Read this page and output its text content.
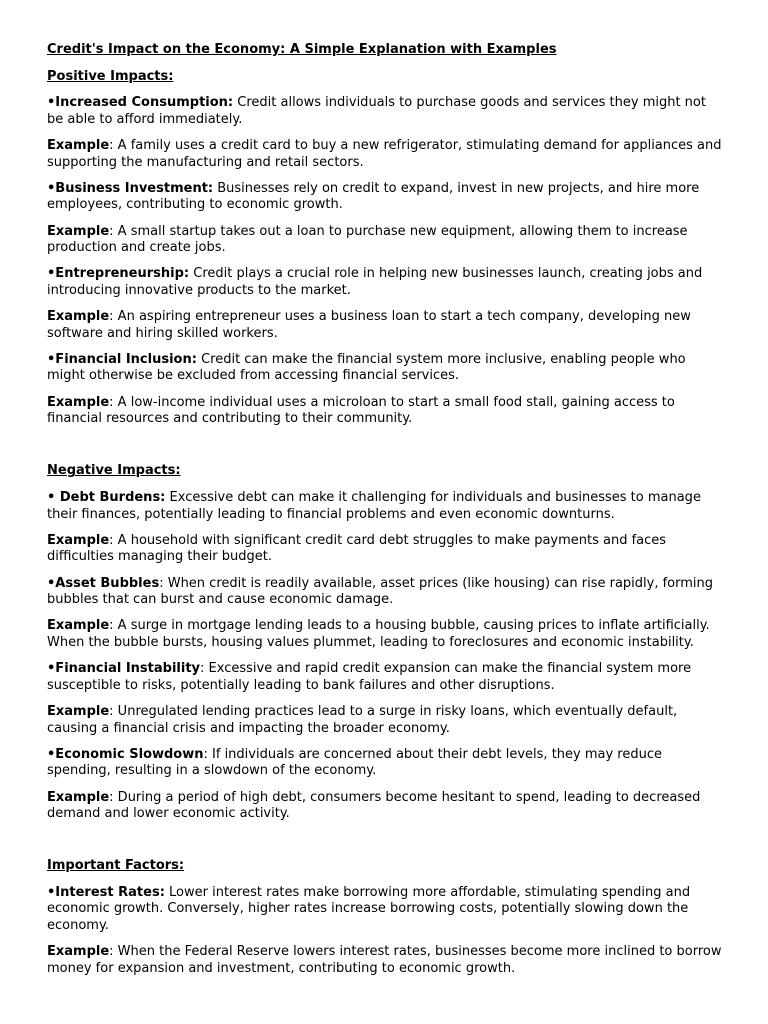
Credit's Impact on the Economy: A Simple Explanation with Examples
Positive Impacts:

•Increased Consumption: Credit allows individuals to purchase goods and services they might not be able to afford immediately.

Example: A family uses a credit card to buy a new refrigerator, stimulating demand for appliances and supporting the manufacturing and retail sectors.

•Business Investment: Businesses rely on credit to expand, invest in new projects, and hire more employees, contributing to economic growth.

Example: A small startup takes out a loan to purchase new equipment, allowing them to increase production and create jobs.

•Entrepreneurship: Credit plays a crucial role in helping new businesses launch, creating jobs and introducing innovative products to the market.

Example: An aspiring entrepreneur uses a business loan to start a tech company, developing new software and hiring skilled workers.

•Financial Inclusion: Credit can make the financial system more inclusive, enabling people who might otherwise be excluded from accessing financial services.

Example: A low-income individual uses a microloan to start a small food stall, gaining access to financial resources and contributing to their community.

Negative Impacts:

• Debt Burdens: Excessive debt can make it challenging for individuals and businesses to manage their finances, potentially leading to financial problems and even economic downturns.

Example: A household with significant credit card debt struggles to make payments and faces difficulties managing their budget.

•Asset Bubbles: When credit is readily available, asset prices (like housing) can rise rapidly, forming bubbles that can burst and cause economic damage.

Example: A surge in mortgage lending leads to a housing bubble, causing prices to inflate artificially. When the bubble bursts, housing values plummet, leading to foreclosures and economic instability.

•Financial Instability: Excessive and rapid credit expansion can make the financial system more susceptible to risks, potentially leading to bank failures and other disruptions.

Example: Unregulated lending practices lead to a surge in risky loans, which eventually default, causing a financial crisis and impacting the broader economy.

•Economic Slowdown: If individuals are concerned about their debt levels, they may reduce spending, resulting in a slowdown of the economy.

Example: During a period of high debt, consumers become hesitant to spend, leading to decreased demand and lower economic activity.

Important Factors:

•Interest Rates: Lower interest rates make borrowing more affordable, stimulating spending and economic growth. Conversely, higher rates increase borrowing costs, potentially slowing down the economy.

Example: When the Federal Reserve lowers interest rates, businesses become more inclined to borrow money for expansion and investment, contributing to economic growth.
